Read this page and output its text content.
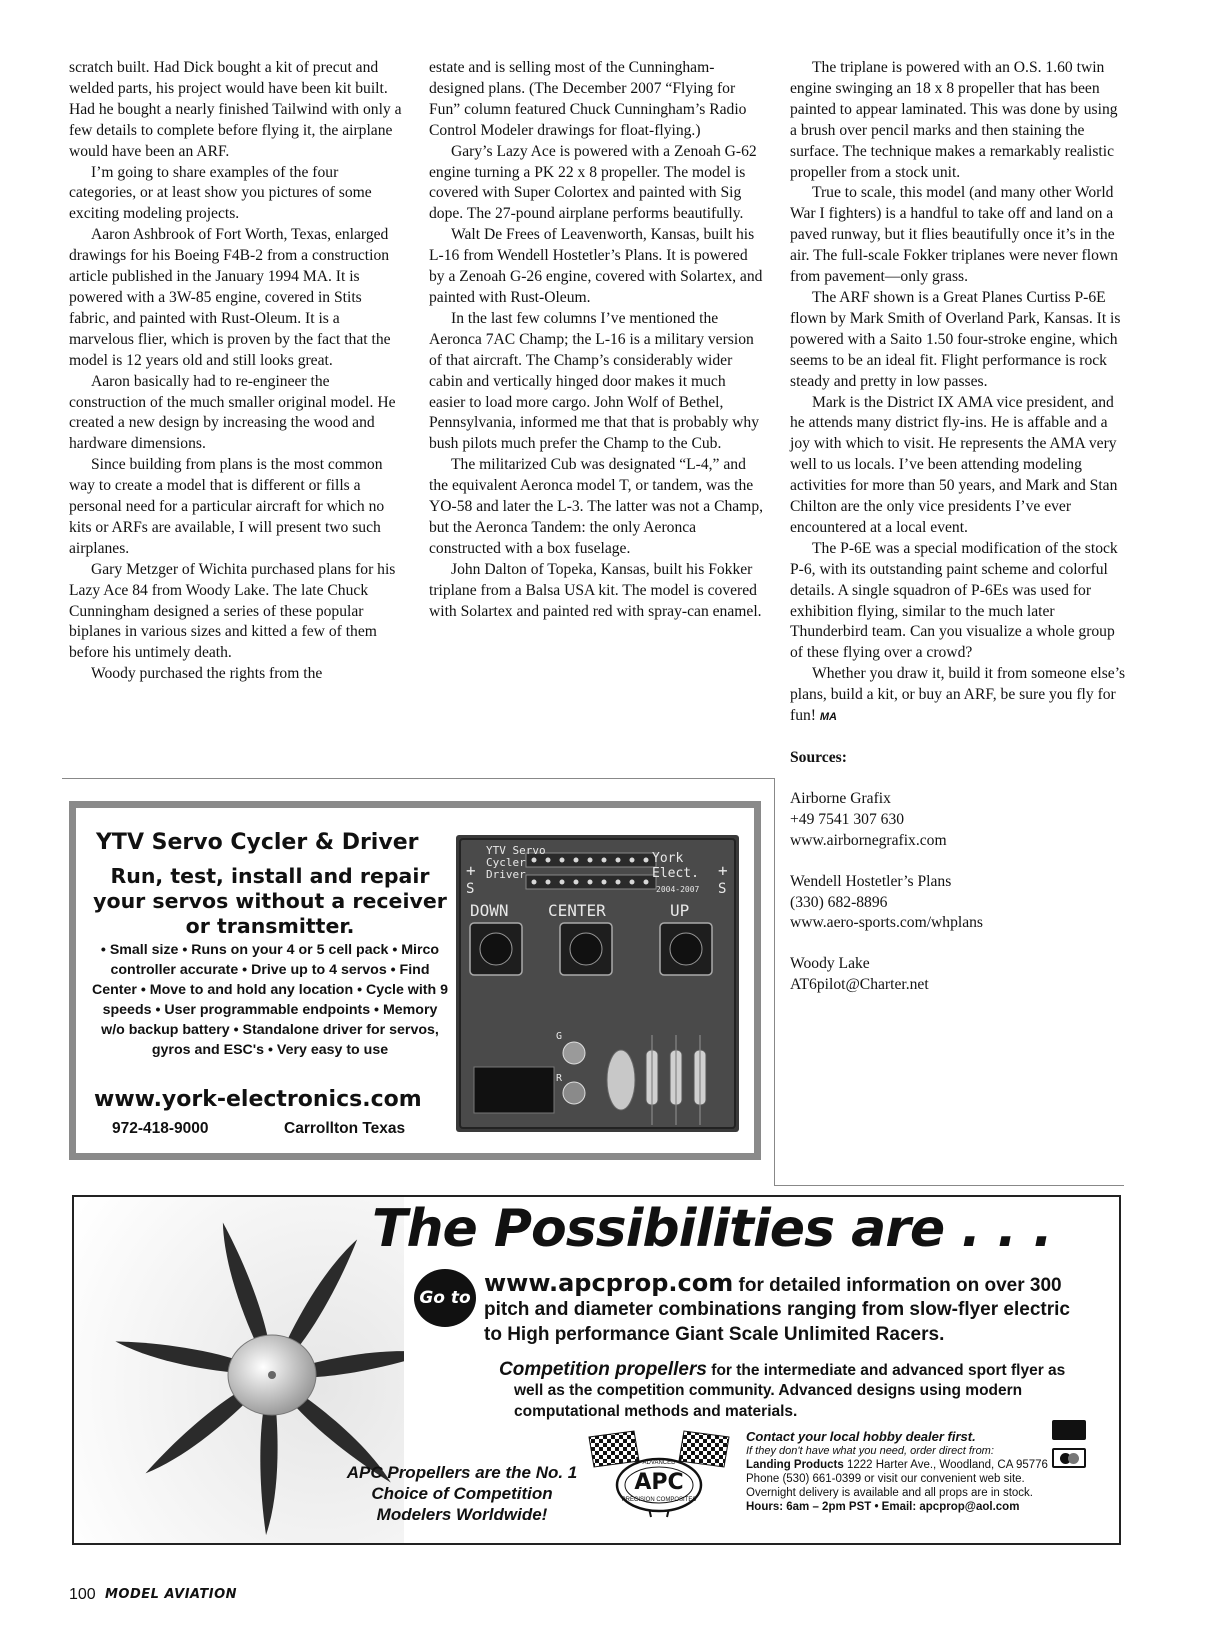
scratch built. Had Dick bought a kit of precut and welded parts, his project would have been kit built. Had he bought a nearly finished Tailwind with only a few details to complete before flying it, the airplane would have been an ARF.

I’m going to share examples of the four categories, or at least show you pictures of some exciting modeling projects.

Aaron Ashbrook of Fort Worth, Texas, enlarged drawings for his Boeing F4B-2 from a construction article published in the January 1994 MA. It is powered with a 3W-85 engine, covered in Stits fabric, and painted with Rust-Oleum. It is a marvelous flier, which is proven by the fact that the model is 12 years old and still looks great.

Aaron basically had to re-engineer the construction of the much smaller original model. He created a new design by increasing the wood and hardware dimensions.

Since building from plans is the most common way to create a model that is different or fills a personal need for a particular aircraft for which no kits or ARFs are available, I will present two such airplanes.

Gary Metzger of Wichita purchased plans for his Lazy Ace 84 from Woody Lake. The late Chuck Cunningham designed a series of these popular biplanes in various sizes and kitted a few of them before his untimely death.

Woody purchased the rights from the

estate and is selling most of the Cunningham-designed plans. (The December 2007 “Flying for Fun” column featured Chuck Cunningham’s Radio Control Modeler drawings for float-flying.)

Gary’s Lazy Ace is powered with a Zenoah G-62 engine turning a PK 22 x 8 propeller. The model is covered with Super Colortex and painted with Sig dope. The 27-pound airplane performs beautifully.

Walt De Frees of Leavenworth, Kansas, built his L-16 from Wendell Hostetler’s Plans. It is powered by a Zenoah G-26 engine, covered with Solartex, and painted with Rust-Oleum.

In the last few columns I’ve mentioned the Aeronca 7AC Champ; the L-16 is a military version of that aircraft. The Champ’s considerably wider cabin and vertically hinged door makes it much easier to load more cargo. John Wolf of Bethel, Pennsylvania, informed me that that is probably why bush pilots much prefer the Champ to the Cub.

The militarized Cub was designated “L-4,” and the equivalent Aeronca model T, or tandem, was the YO-58 and later the L-3. The latter was not a Champ, but the Aeronca Tandem: the only Aeronca constructed with a box fuselage.

John Dalton of Topeka, Kansas, built his Fokker triplane from a Balsa USA kit. The model is covered with Solartex and painted red with spray-can enamel.

The triplane is powered with an O.S. 1.60 twin engine swinging an 18 x 8 propeller that has been painted to appear laminated. This was done by using a brush over pencil marks and then staining the surface. The technique makes a remarkably realistic propeller from a stock unit.

True to scale, this model (and many other World War I fighters) is a handful to take off and land on a paved runway, but it flies beautifully once it’s in the air. The full-scale Fokker triplanes were never flown from pavement—only grass.

The ARF shown is a Great Planes Curtiss P-6E flown by Mark Smith of Overland Park, Kansas. It is powered with a Saito 1.50 four-stroke engine, which seems to be an ideal fit. Flight performance is rock steady and pretty in low passes.

Mark is the District IX AMA vice president, and he attends many district fly-ins. He is affable and a joy with which to visit. He represents the AMA very well to us locals. I’ve been attending modeling activities for more than 50 years, and Mark and Stan Chilton are the only vice presidents I’ve ever encountered at a local event.

The P-6E was a special modification of the stock P-6, with its outstanding paint scheme and colorful details. A single squadron of P-6Es was used for exhibition flying, similar to the much later Thunderbird team. Can you visualize a whole group of these flying over a crowd?

Whether you draw it, build it from someone else’s plans, build a kit, or buy an ARF, be sure you fly for fun! MA

Sources:

Airborne Grafix

+49 7541 307 630

www.airbornegrafix.com

Wendell Hostetler’s Plans

(330) 682-8896

www.aero-sports.com/whplans

Woody Lake

AT6pilot@Charter.net

YTV Servo Cycler & Driver
Run, test, install and repair your servos without a receiver or transmitter.
• Small size • Runs on your 4 or 5 cell pack • Mirco controller accurate • Drive up to 4 servos • Find Center • Move to and hold any location • Cycle with 9 speeds • User programmable endpoints • Memory w/o backup battery • Standalone driver for servos, gyros and ESC's • Very easy to use
www.york-electronics.com
972-418-9000	Carrollton Texas
YTV Servo Cycler Driver
York Elect.
2004-2007
+	+
S	S
DOWN CENTER	UP
G
R
The Possibilities are . . .
Go to
www.apcprop.com for detailed information on over 300
pitch and diameter combinations ranging from slow-flyer electric
to High performance Giant Scale Unlimited Racers.
Competition propellers for the intermediate and advanced sport flyer as
well as the competition community. Advanced designs using modern
computational methods and materials.
APC Propellers are the No. 1 Choice of Competition Modelers Worldwide!
APC
ADVANCED
PRECISION COMPOSITES
Contact your local hobby dealer first.
If they don't have what you need, order direct from:
Landing Products 1222 Harter Ave., Woodland, CA 95776
Phone (530) 661-0399 or visit our convenient web site.
Overnight delivery is available and all props are in stock.
Hours: 6am – 2pm PST • Email: apcprop@aol.com
100 MODEL AVIATION
